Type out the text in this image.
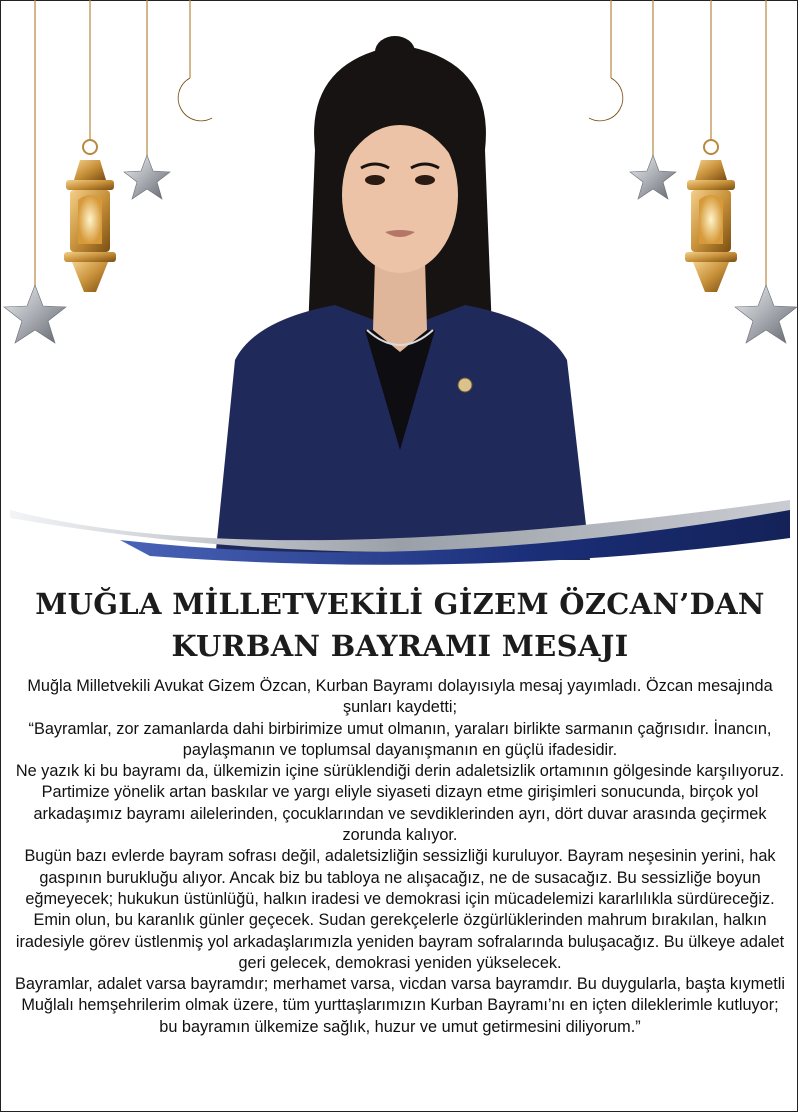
MUĞLA MİLLETVEKİLİ GİZEM ÖZCAN’DAN
KURBAN BAYRAMI MESAJI

Muğla Milletvekili Avukat Gizem Özcan, Kurban Bayramı dolayısıyla mesaj yayımladı. Özcan mesajında şunları kaydetti;

“Bayramlar, zor zamanlarda dahi birbirimize umut olmanın, yaraları birlikte sarmanın çağrısıdır. İnancın, paylaşmanın ve toplumsal dayanışmanın en güçlü ifadesidir.

Ne yazık ki bu bayramı da, ülkemizin içine sürüklendiği derin adaletsizlik ortamının gölgesinde karşılıyoruz. Partimize yönelik artan baskılar ve yargı eliyle siyaseti dizayn etme girişimleri sonucunda, birçok yol arkadaşımız bayramı ailelerinden, çocuklarından ve sevdiklerinden ayrı, dört duvar arasında geçirmek zorunda kalıyor.

Bugün bazı evlerde bayram sofrası değil, adaletsizliğin sessizliği kuruluyor. Bayram neşesinin yerini, hak gaspının burukluğu alıyor. Ancak biz bu tabloya ne alışacağız, ne de susacağız. Bu sessizliğe boyun eğmeyecek; hukukun üstünlüğü, halkın iradesi ve demokrasi için mücadelemizi kararlılıkla sürdüreceğiz.

Emin olun, bu karanlık günler geçecek. Sudan gerekçelerle özgürlüklerinden mahrum bırakılan, halkın iradesiyle görev üstlenmiş yol arkadaşlarımızla yeniden bayram sofralarında buluşacağız. Bu ülkeye adalet geri gelecek, demokrasi yeniden yükselecek.

Bayramlar, adalet varsa bayramdır; merhamet varsa, vicdan varsa bayramdır. Bu duygularla, başta kıymetli Muğlalı hemşehrilerim olmak üzere, tüm yurttaşlarımızın Kurban Bayramı’nı en içten dileklerimle kutluyor; bu bayramın ülkemize sağlık, huzur ve umut getirmesini diliyorum.”
